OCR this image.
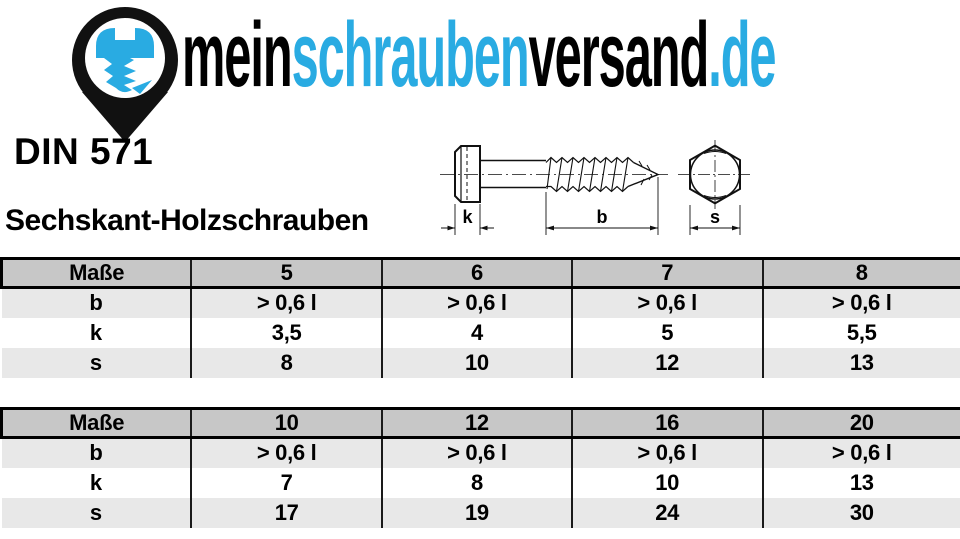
meinschraubenversand.de
DIN 571
Sechskant-Holzschrauben	k	b	s
Maße	5	6	7	8
b	> 0,6 l	> 0,6 l	> 0,6 l	> 0,6 l
k	3,5	4	5	5,5
s	8	10	12	13
Maße	10	12	16	20
b	> 0,6 l	> 0,6 l	> 0,6 l	> 0,6 l
k	7	8	10	13
s	17	19	24	30
